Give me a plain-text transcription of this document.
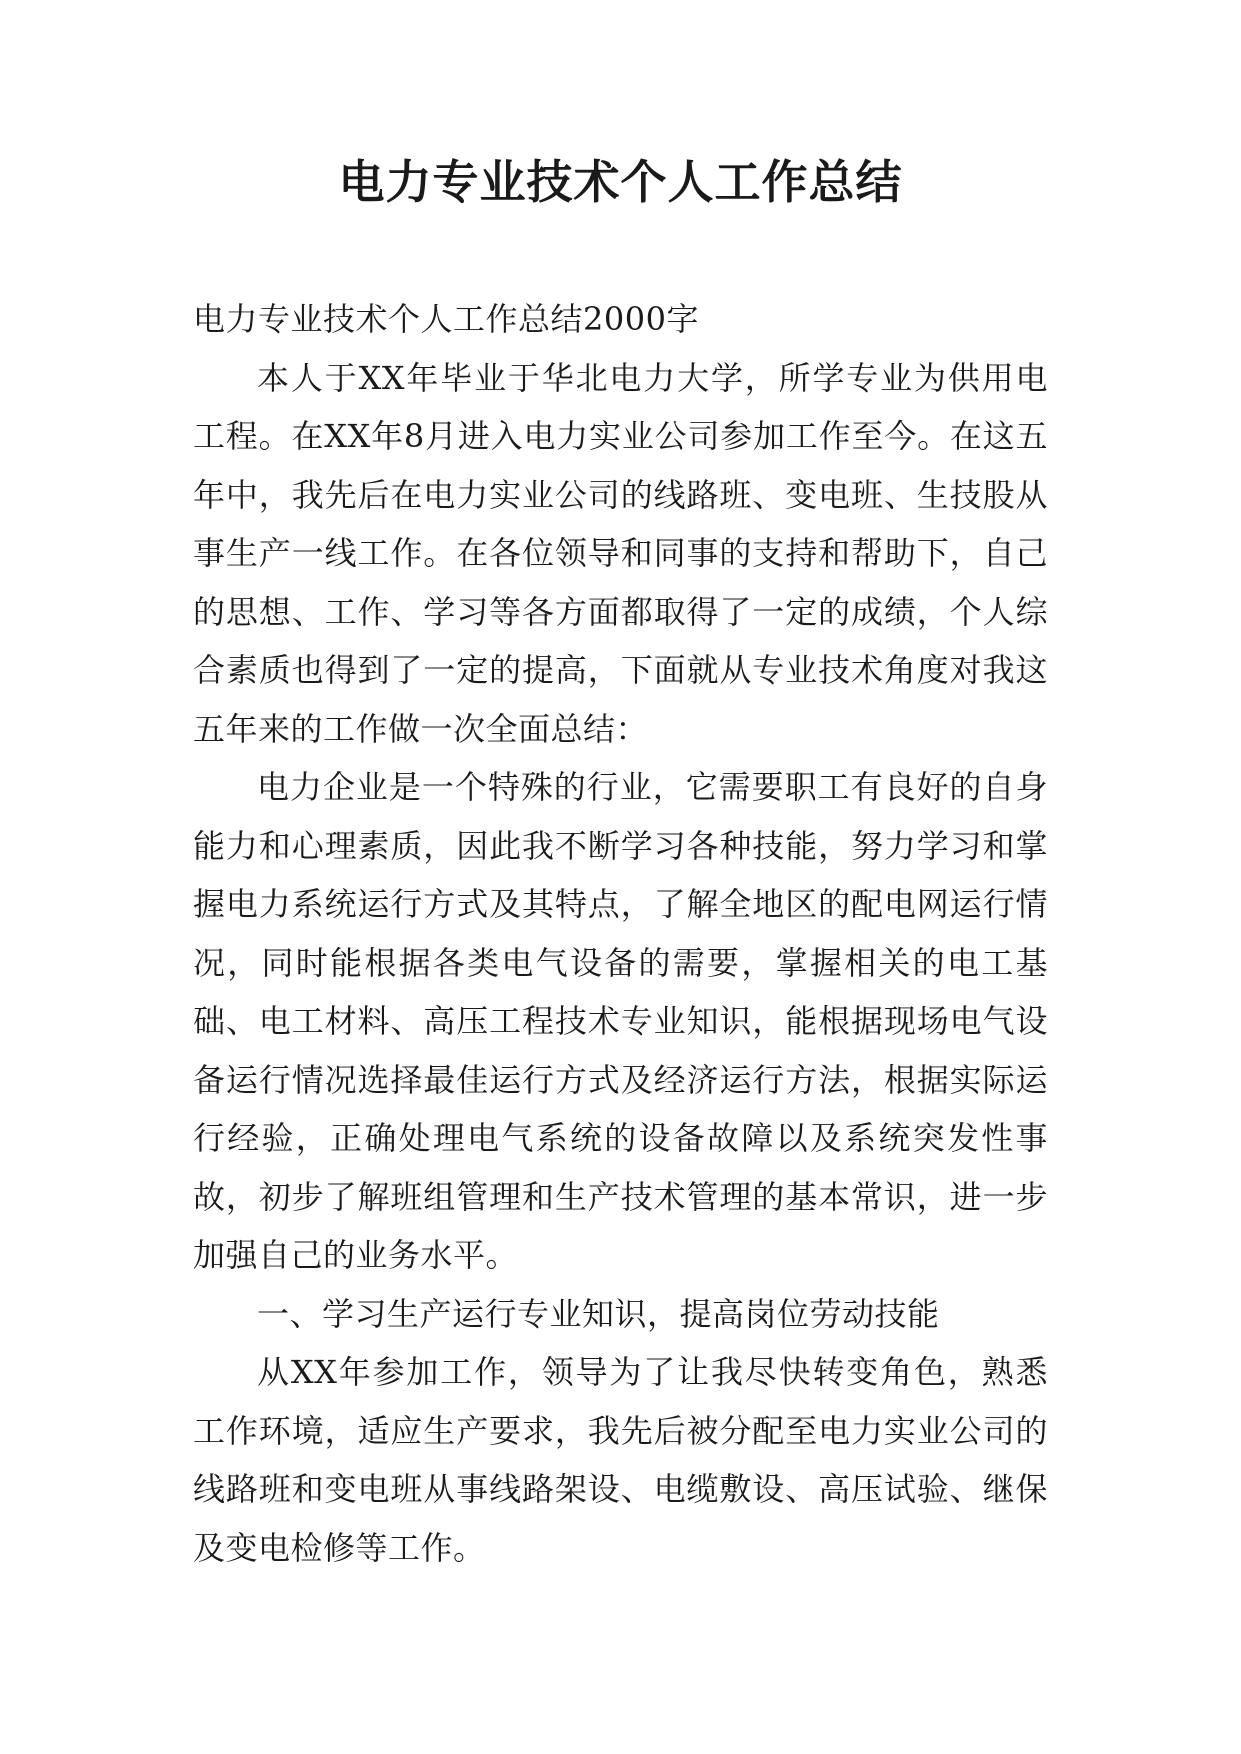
电力专业技术个人工作总结

电力专业技术个人工作总结2000字

本人于XX年毕业于华北电力大学，所学专业为供用电工程。在XX年8月进入电力实业公司参加工作至今。在这五年中，我先后在电力实业公司的线路班、变电班、生技股从事生产一线工作。在各位领导和同事的支持和帮助下，自己的思想、工作、学习等各方面都取得了一定的成绩，个人综合素质也得到了一定的提高，下面就从专业技术角度对我这五年来的工作做一次全面总结：

电力企业是一个特殊的行业，它需要职工有良好的自身能力和心理素质，因此我不断学习各种技能，努力学习和掌握电力系统运行方式及其特点，了解全地区的配电网运行情况，同时能根据各类电气设备的需要，掌握相关的电工基础、电工材料、高压工程技术专业知识，能根据现场电气设备运行情况选择最佳运行方式及经济运行方法，根据实际运行经验，正确处理电气系统的设备故障以及系统突发性事故，初步了解班组管理和生产技术管理的基本常识，进一步加强自己的业务水平。

一、学习生产运行专业知识，提高岗位劳动技能

从XX年参加工作，领导为了让我尽快转变角色，熟悉工作环境，适应生产要求，我先后被分配至电力实业公司的线路班和变电班从事线路架设、电缆敷设、高压试验、继保及变电检修等工作。
